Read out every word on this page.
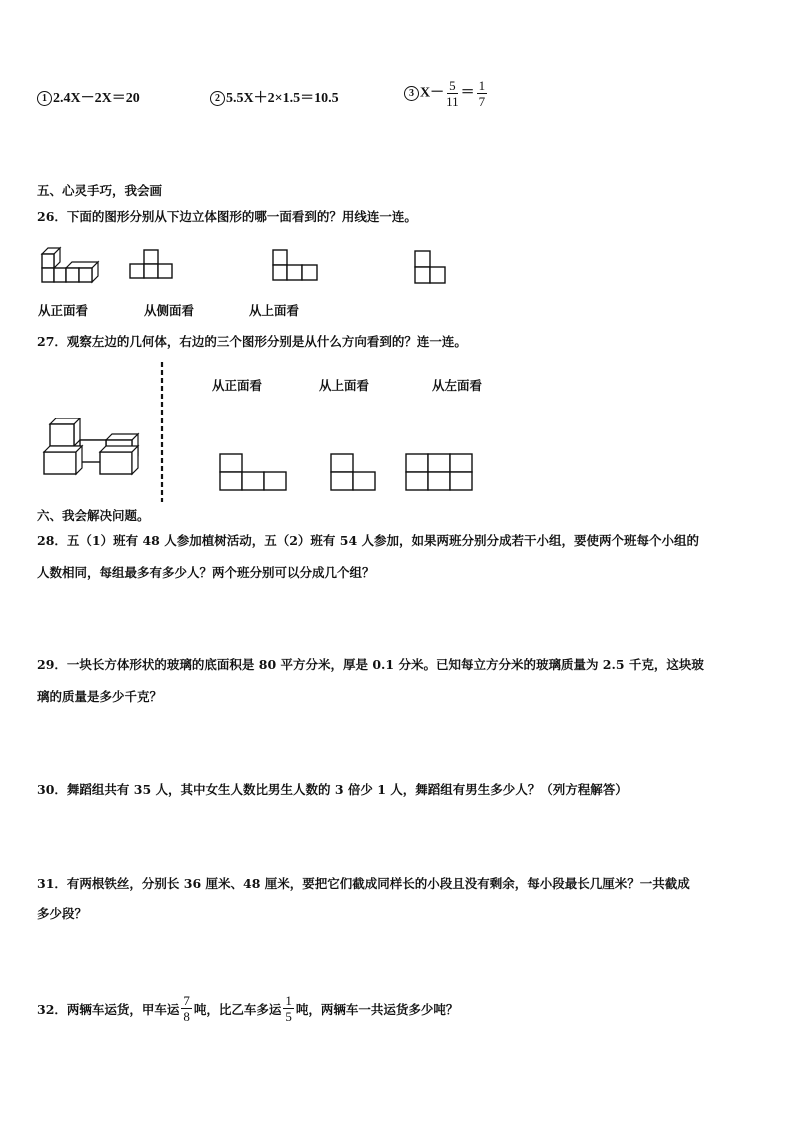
1 2.4X－2X＝20	2 5.5X＋2×1.5＝10.5	3 $X- \frac{5}{11} = \frac{1}{7}$
五、心灵手巧，我会画
26．下面的图形分别从下边立体图形的哪一面看到的？用线连一连。
从正面看	从侧面看	从上面看
27．观察左边的几何体，右边的三个图形分别是从什么方向看到的？连一连。
从正面看	从上面看	从左面看
六、我会解决问题。
28．五（1）班有 48 人参加植树活动，五（2）班有 54 人参加，如果两班分别分成若干小组，要使两个班每个小组的
人数相同，每组最多有多少人？两个班分别可以分成几个组？
29．一块长方体形状的玻璃的底面积是 80 平方分米，厚是 0.1 分米。已知每立方分米的玻璃质量为 2.5 千克，这块玻
璃的质量是多少千克？
30．舞蹈组共有 35 人，其中女生人数比男生人数的 3 倍少 1 人，舞蹈组有男生多少人？（列方程解答）
31．有两根铁丝，分别长 36 厘米、48 厘米，要把它们截成同样长的小段且没有剩余，每小段最长几厘米？一共截成
多少段？
32．两辆车运货，甲车运 $\frac{7}{8}$ 吨，比乙车多运 $\frac{1}{5}$ 吨，两辆车一共运货多少吨？
